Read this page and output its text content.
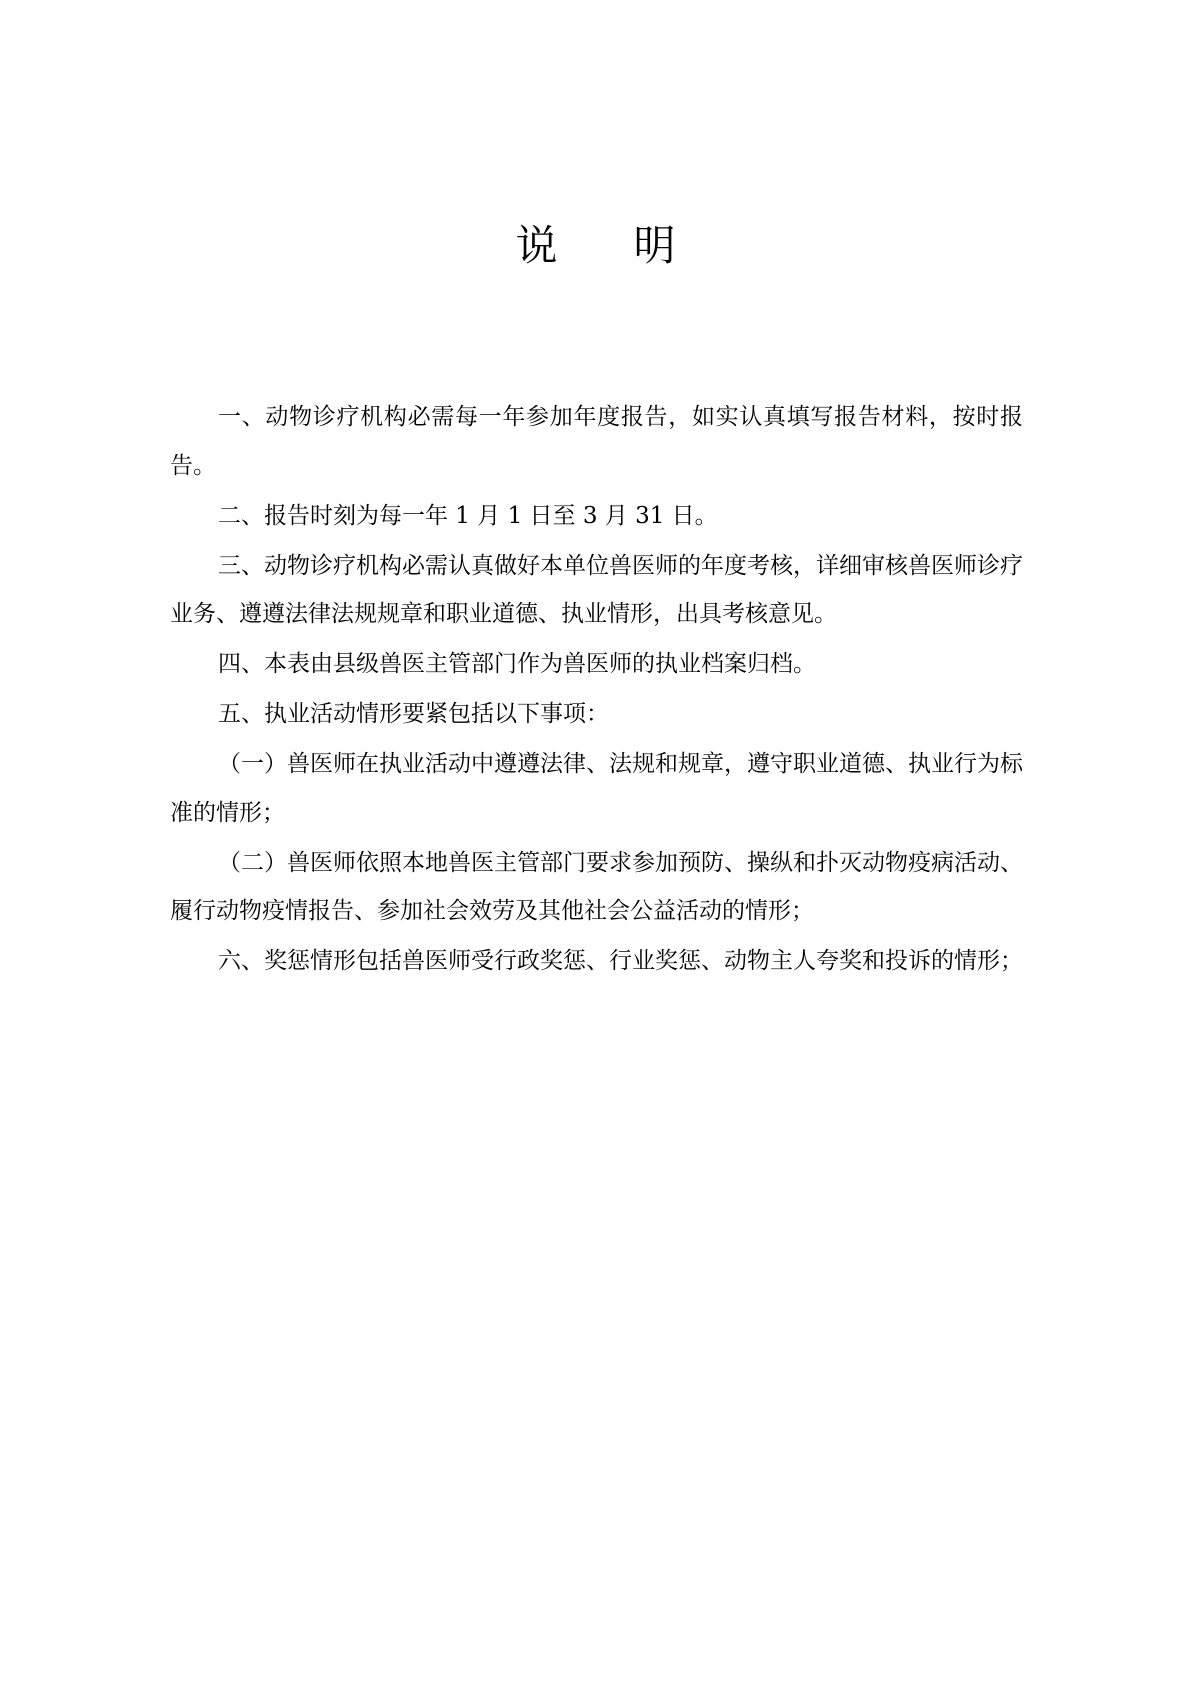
说 明

一、动物诊疗机构必需每一年参加年度报告，如实认真填写报告材料，按时报告。

二、报告时刻为每一年 1 月 1 日至 3 月 31 日。

三、动物诊疗机构必需认真做好本单位兽医师的年度考核，详细审核兽医师诊疗业务、遵遵法律法规规章和职业道德、执业情形，出具考核意见。

四、本表由县级兽医主管部门作为兽医师的执业档案归档。

五、执业活动情形要紧包括以下事项：

（一）兽医师在执业活动中遵遵法律、法规和规章，遵守职业道德、执业行为标准的情形；

（二）兽医师依照本地兽医主管部门要求参加预防、操纵和扑灭动物疫病活动、履行动物疫情报告、参加社会效劳及其他社会公益活动的情形；

六、奖惩情形包括兽医师受行政奖惩、行业奖惩、动物主人夸奖和投诉的情形；
